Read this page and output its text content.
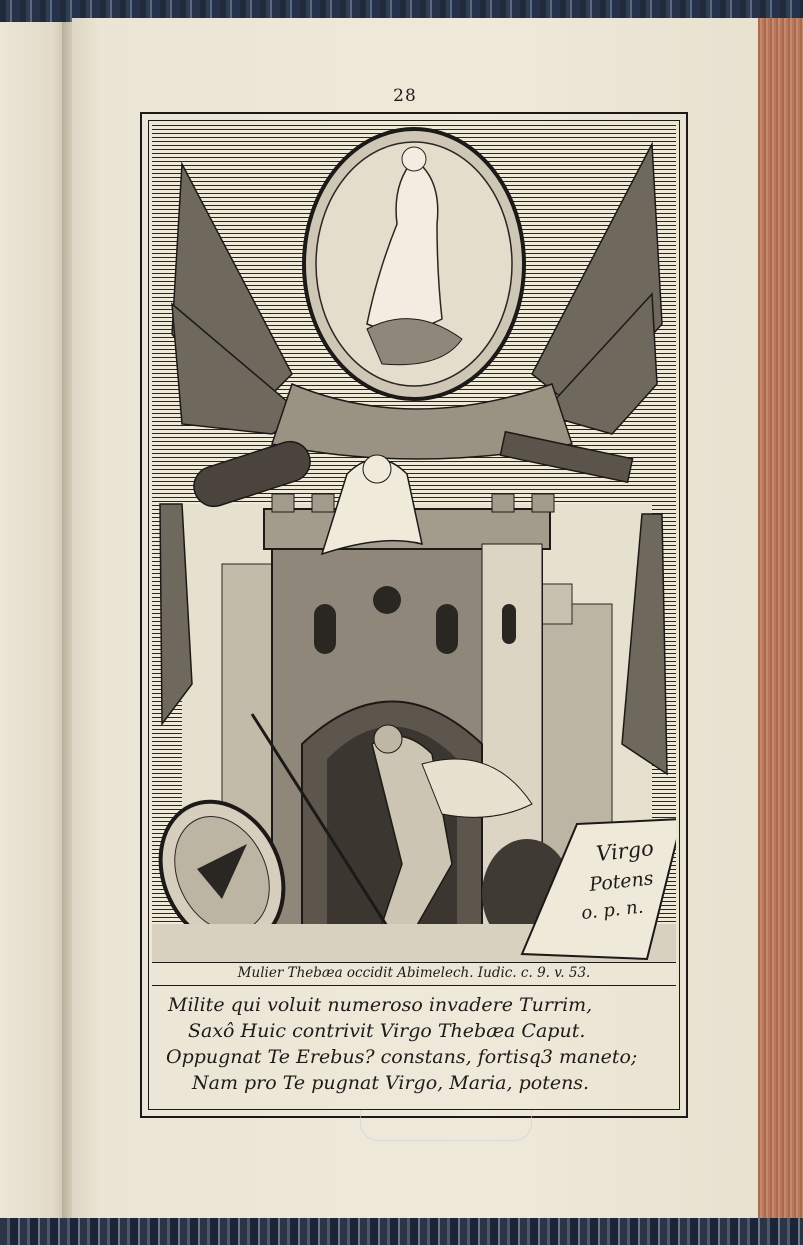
28
Virgo
Potens
o. p. n.
Mulier Thebæa occidit Abimelech. Iudic. c. 9. v. 53.
Milite qui voluit numeroso invadere Turrim,
Saxô Huic contrivit Virgo Thebæa Caput.
Oppugnat Te Erebus? constans, fortisq3 maneto;
Nam pro Te pugnat Virgo, Maria, potens.
